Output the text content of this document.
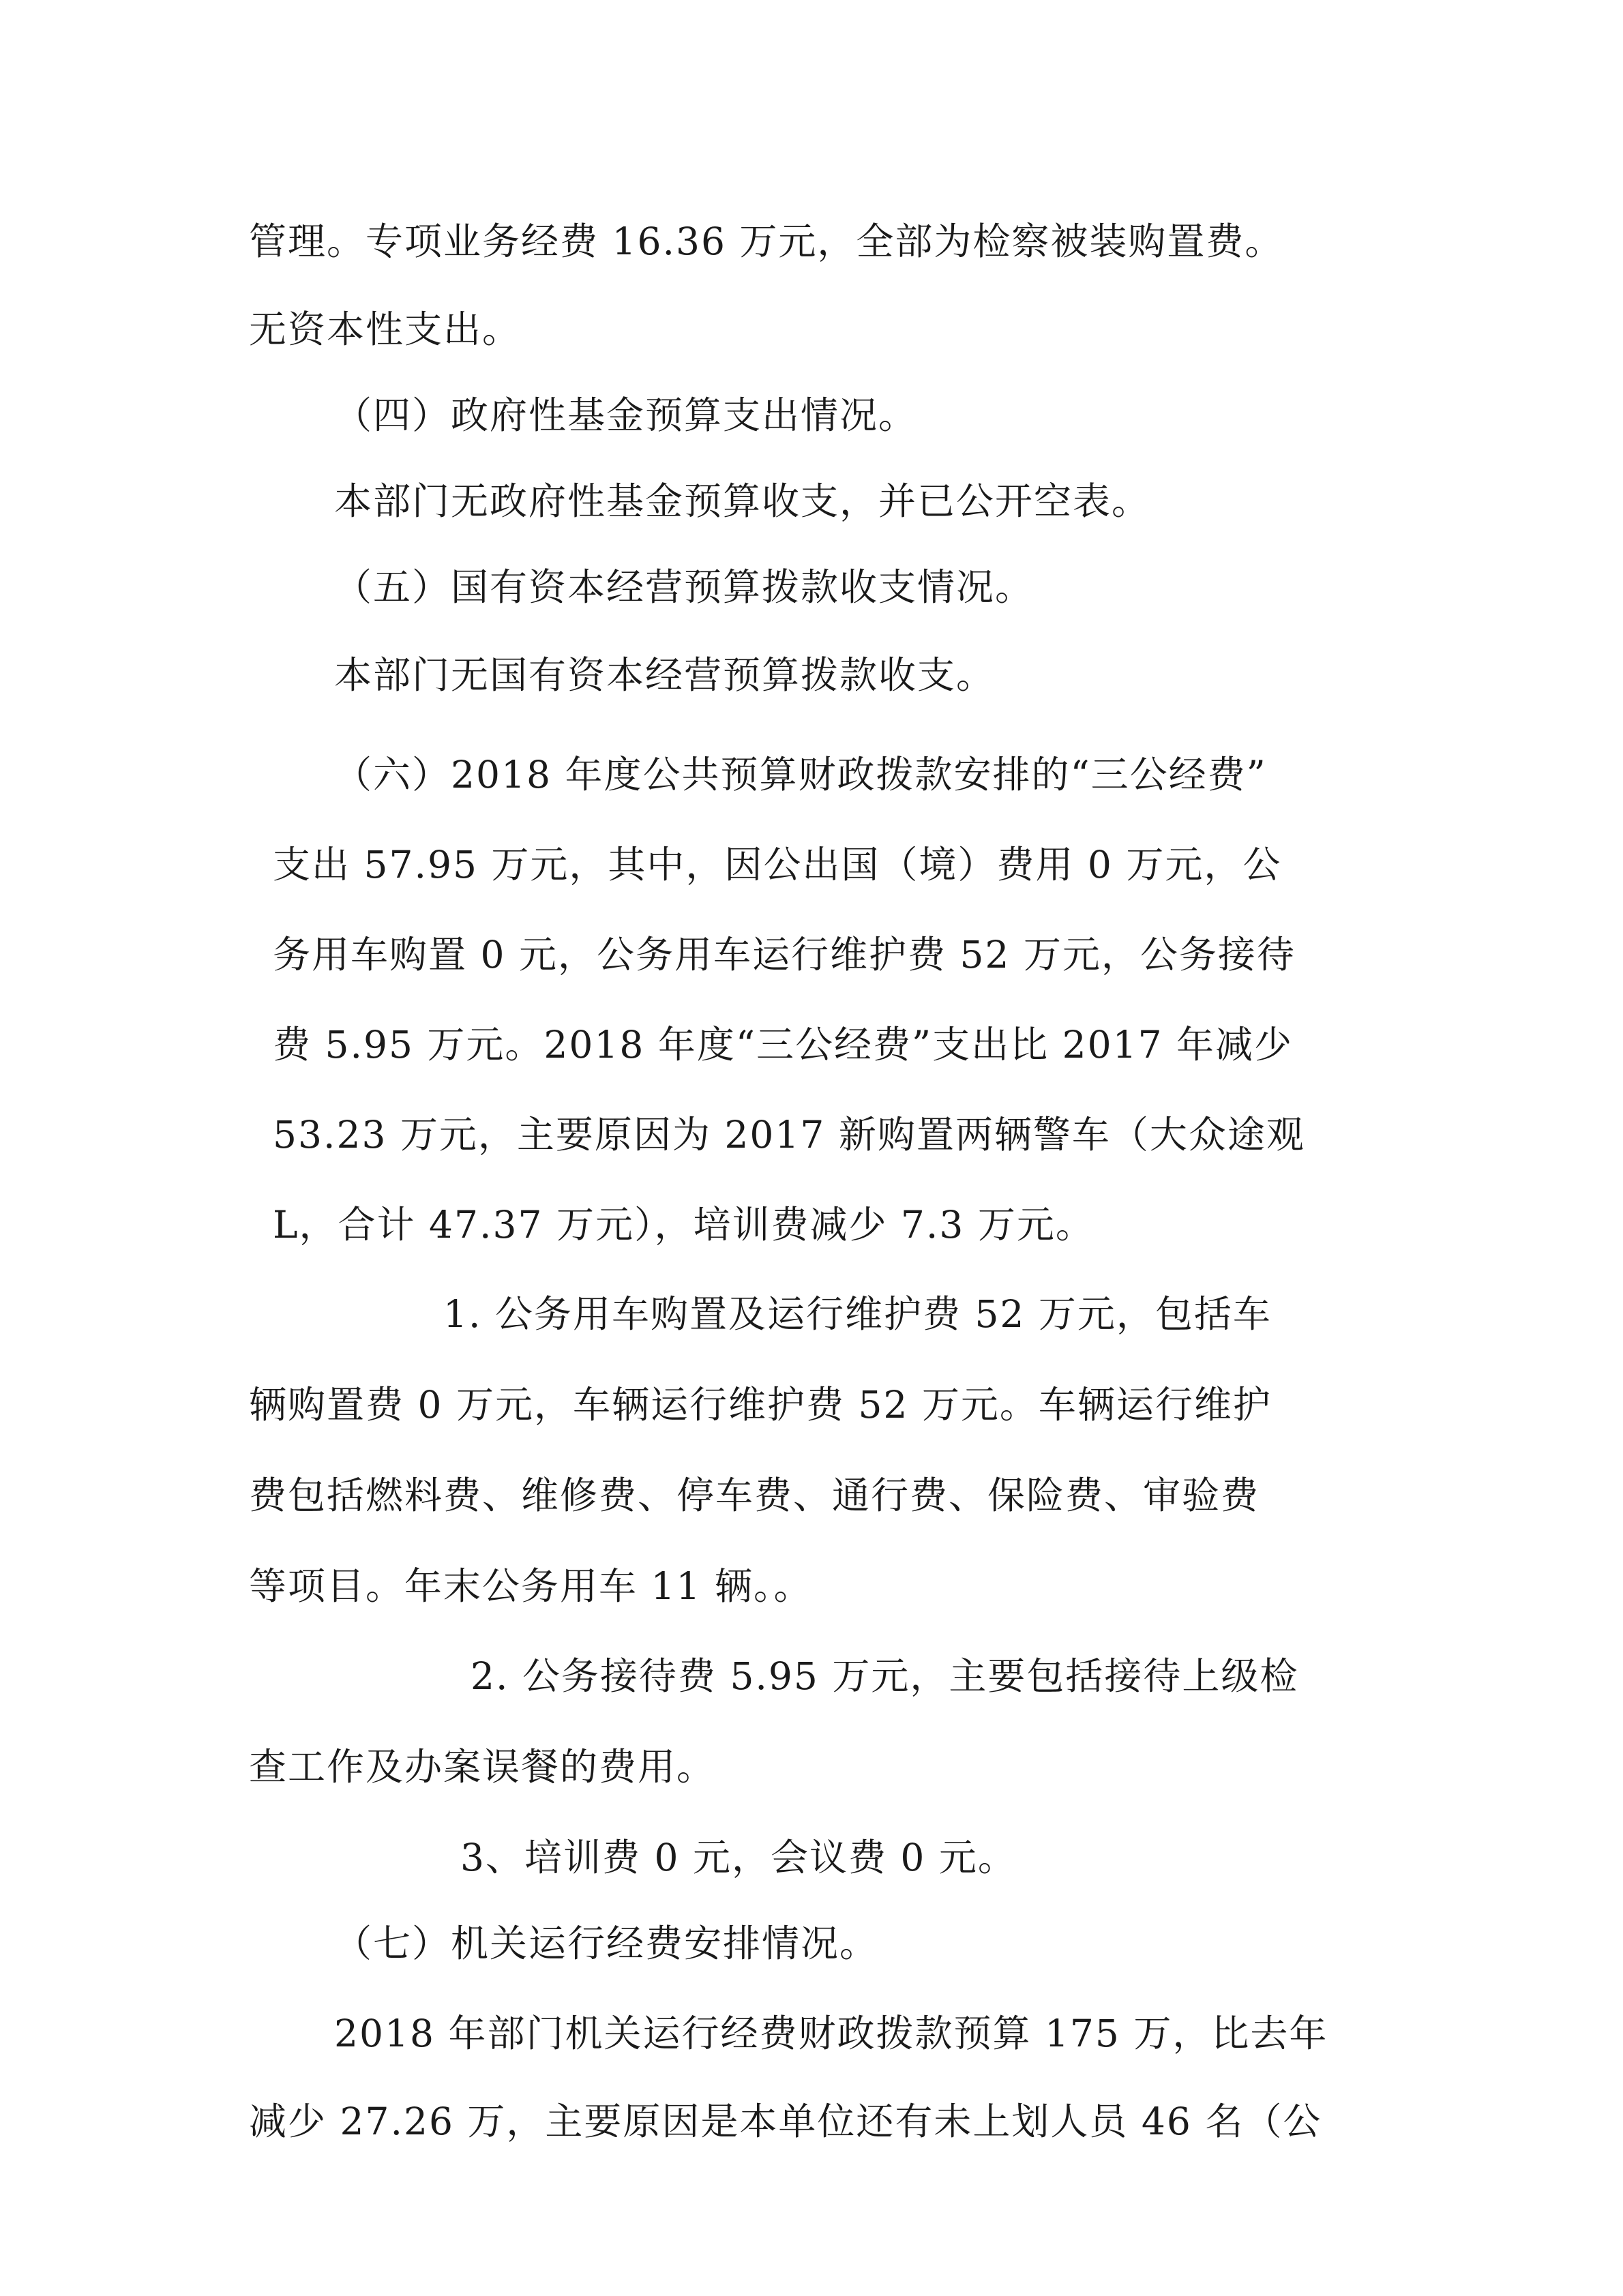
管理。专项业务经费 16.36 万元，全部为检察被装购置费。

无资本性支出。

（四）政府性基金预算支出情况。

本部门无政府性基金预算收支，并已公开空表。

（五）国有资本经营预算拨款收支情况。

本部门无国有资本经营预算拨款收支。

（六）2018 年度公共预算财政拨款安排的“三公经费”

支出 57.95 万元，其中，因公出国（境）费用 0 万元，公

务用车购置 0 元，公务用车运行维护费 52 万元，公务接待

费 5.95 万元。2018 年度“三公经费”支出比 2017 年减少

53.23 万元，主要原因为 2017 新购置两辆警车（大众途观

L，合计 47.37 万元），培训费减少 7.3 万元。

1. 公务用车购置及运行维护费 52 万元，包括车

辆购置费 0 万元，车辆运行维护费 52 万元。车辆运行维护

费包括燃料费、维修费、停车费、通行费、保险费、审验费

等项目。年末公务用车 11 辆。。

2. 公务接待费 5.95 万元，主要包括接待上级检

查工作及办案误餐的费用。

3、培训费 0 元，会议费 0 元。

（七）机关运行经费安排情况。

2018 年部门机关运行经费财政拨款预算 175 万，比去年

减少 27.26 万，主要原因是本单位还有未上划人员 46 名（公
